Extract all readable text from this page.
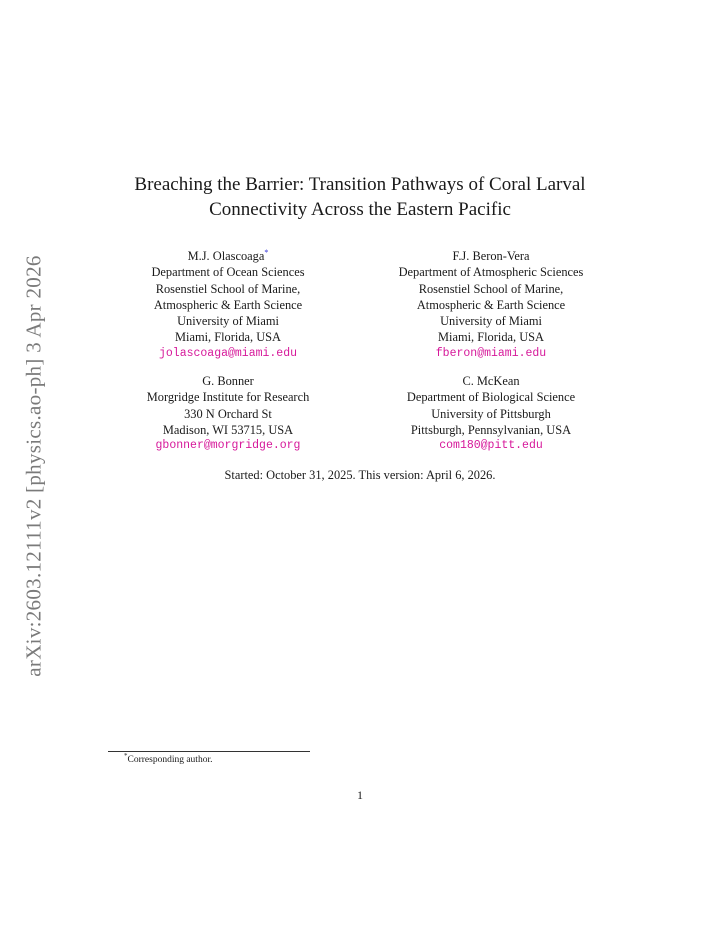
arXiv:2603.12111v2 [physics.ao-ph] 3 Apr 2026
Breaching the Barrier: Transition Pathways of Coral Larval
Connectivity Across the Eastern Pacific
M.J. Olascoaga*
Department of Ocean Sciences
Rosenstiel School of Marine,
Atmospheric & Earth Science
University of Miami
Miami, Florida, USA
jolascoaga@miami.edu
F.J. Beron-Vera
Department of Atmospheric Sciences
Rosenstiel School of Marine,
Atmospheric & Earth Science
University of Miami
Miami, Florida, USA
fberon@miami.edu
G. Bonner
Morgridge Institute for Research
330 N Orchard St
Madison, WI 53715, USA
gbonner@morgridge.org
C. McKean
Department of Biological Science
University of Pittsburgh
Pittsburgh, Pennsylvanian, USA
com180@pitt.edu
Started: October 31, 2025. This version: April 6, 2026.
*Corresponding author.
1
